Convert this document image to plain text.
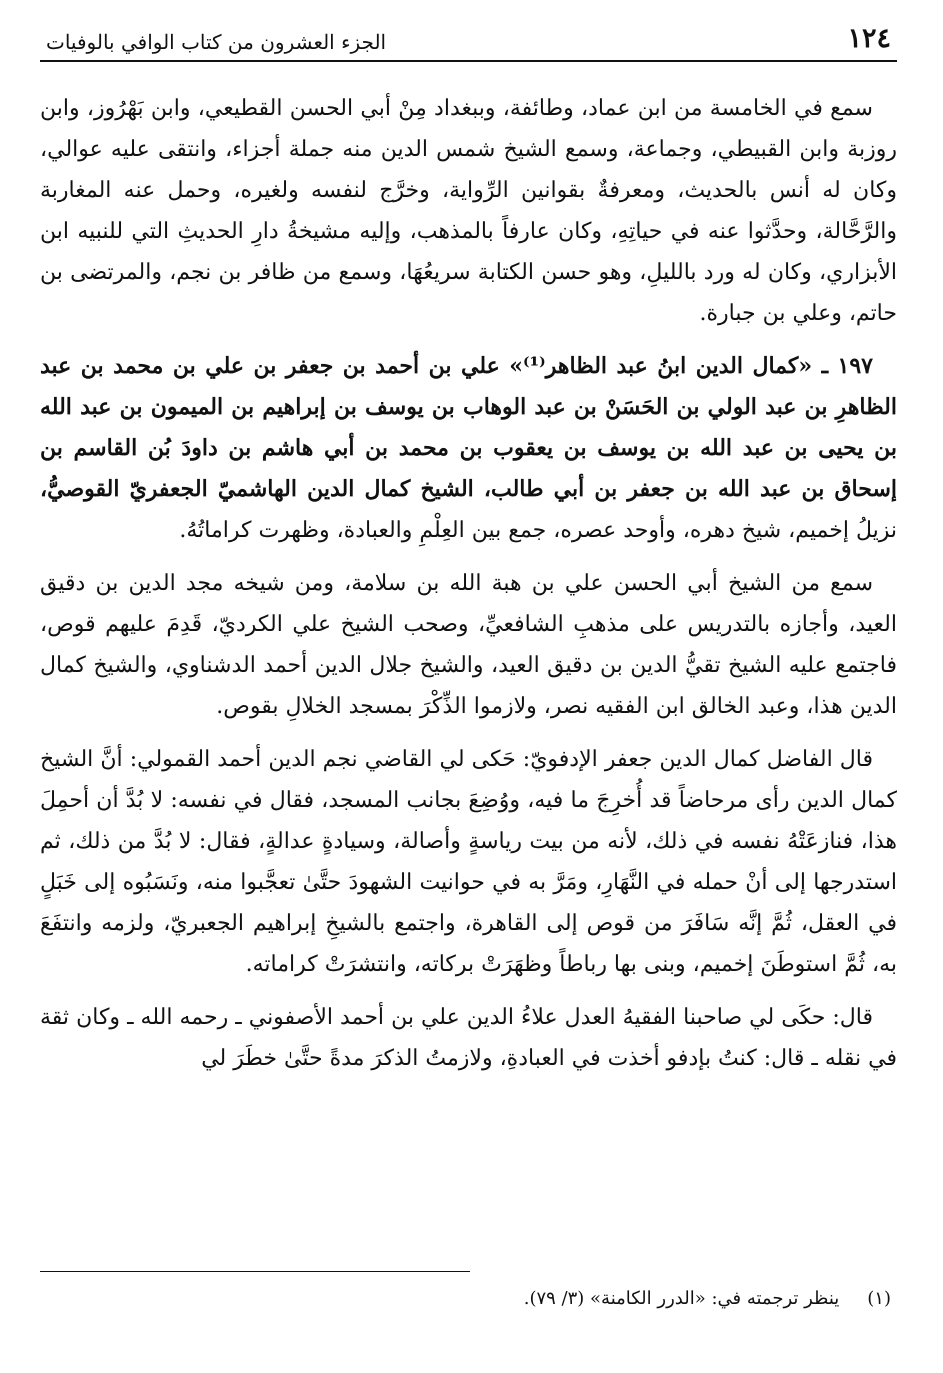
١٢٤
الجزء العشرون من كتاب الوافي بالوفيات

سمع في الخامسة من ابن عماد، وطائفة، وببغداد مِنْ أبي الحسن القطيعي، وابن بَهْرُوز، وابن روزبة وابن القبيطي، وجماعة، وسمع الشيخ شمس الدين منه جملة أجزاء، وانتقى عليه عوالي، وكان له أنس بالحديث، ومعرفةٌ بقوانين الرِّواية، وخرَّج لنفسه ولغيره، وحمل عنه المغاربة والرَّحَّالة، وحدَّثوا عنه في حياتِهِ، وكان عارفاً بالمذهب، وإليه مشيخةُ دارِ الحديثِ التي للنبيه ابن الأبزاري، وكان له ورد بالليلِ، وهو حسن الكتابة سريعُهَا، وسمع من ظافر بن نجم، والمرتضى بن حاتم، وعلي بن جبارة.

١٩٧ ـ «كمال الدين ابنُ عبد الظاهر⁽¹⁾» علي بن أحمد بن جعفر بن علي بن محمد بن عبد الظاهرِ بن عبد الولي بن الحَسَنْ بن عبد الوهاب بن يوسف بن إبراهيم بن الميمون بن عبد الله بن يحيى بن عبد الله بن يوسف بن يعقوب بن محمد بن أبي هاشم بن داودَ بُن القاسم بن إسحاق بن عبد الله بن جعفر بن أبي طالب، الشيخ كمال الدين الهاشميّ الجعفريّ القوصيُّ، نزيلُ إخميم، شيخ دهره، وأوحد عصره، جمع بين العِلْمِ والعبادة، وظهرت كراماتُهُ.

سمع من الشيخ أبي الحسن علي بن هبة الله بن سلامة، ومن شيخه مجد الدين بن دقيق العيد، وأجازه بالتدريس على مذهبِ الشافعيِّ، وصحب الشيخ علي الكرديّ، قَدِمَ عليهم قوص، فاجتمع عليه الشيخ تقيُّ الدين بن دقيق العيد، والشيخ جلال الدين أحمد الدشناوي، والشيخ كمال الدين هذا، وعبد الخالق ابن الفقيه نصر، ولازموا الذِّكْرَ بمسجد الخلالِ بقوص.

قال الفاضل كمال الدين جعفر الإدفويّ: حَكى لي القاضي نجم الدين أحمد القمولي: أنَّ الشيخ كمال الدين رأى مرحاضاً قد أُخرِجَ ما فيه، ووُضِعَ بجانب المسجد، فقال في نفسه: لا بُدَّ أن أحمِلَ هذا، فنازعَتْهُ نفسه في ذلك، لأنه من بيت رياسةٍ وأصالة، وسيادةٍ عدالةٍ، فقال: لا بُدَّ من ذلك، ثم استدرجها إلى أنْ حمله في النَّهَارِ، ومَرَّ به في حوانيت الشهودَ حتَّىٰ تعجَّبوا منه، ونَسَبُوه إلى خَبَلٍ في العقل، ثُمَّ إنَّه سَافَرَ من قوص إلى القاهرة، واجتمع بالشيخِ إبراهيم الجعبريّ، ولزمه وانتفَعَ به، ثُمَّ استوطَنَ إخميم، وبنى بها رباطاً وظهَرَتْ بركاته، وانتشرَتْ كراماته.

قال: حكَى لي صاحبنا الفقيهُ العدل علاءُ الدين علي بن أحمد الأصفوني ـ رحمه الله ـ وكان ثقة في نقله ـ قال: كنتُ بإدفو أخذت في العبادةِ، ولازمتُ الذكرَ مدةً حتَّىٰ خطَرَ لي

(١)
ينظر ترجمته في: «الدرر الكامنة» (٣/ ٧٩).
